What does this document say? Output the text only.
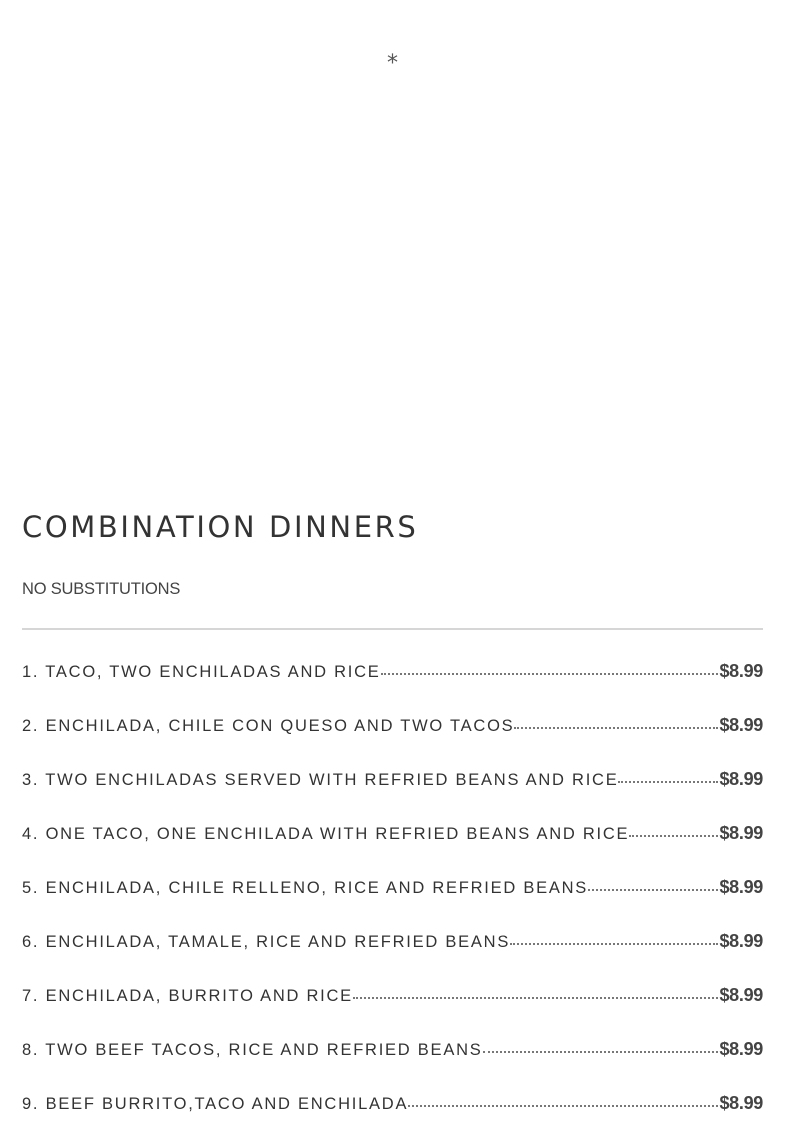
*
COMBINATION DINNERS
NO SUBSTITUTIONS
1. TACO, TWO ENCHILADAS AND RICE	$8.99
2. ENCHILADA, CHILE CON QUESO AND TWO TACOS	$8.99
3. TWO ENCHILADAS SERVED WITH REFRIED BEANS AND RICE	$8.99
4. ONE TACO, ONE ENCHILADA WITH REFRIED BEANS AND RICE	$8.99
5. ENCHILADA, CHILE RELLENO, RICE AND REFRIED BEANS	$8.99
6. ENCHILADA, TAMALE, RICE AND REFRIED BEANS	$8.99
7. ENCHILADA, BURRITO AND RICE	$8.99
8. TWO BEEF TACOS, RICE AND REFRIED BEANS	$8.99
9. BEEF BURRITO,TACO AND ENCHILADA	$8.99
